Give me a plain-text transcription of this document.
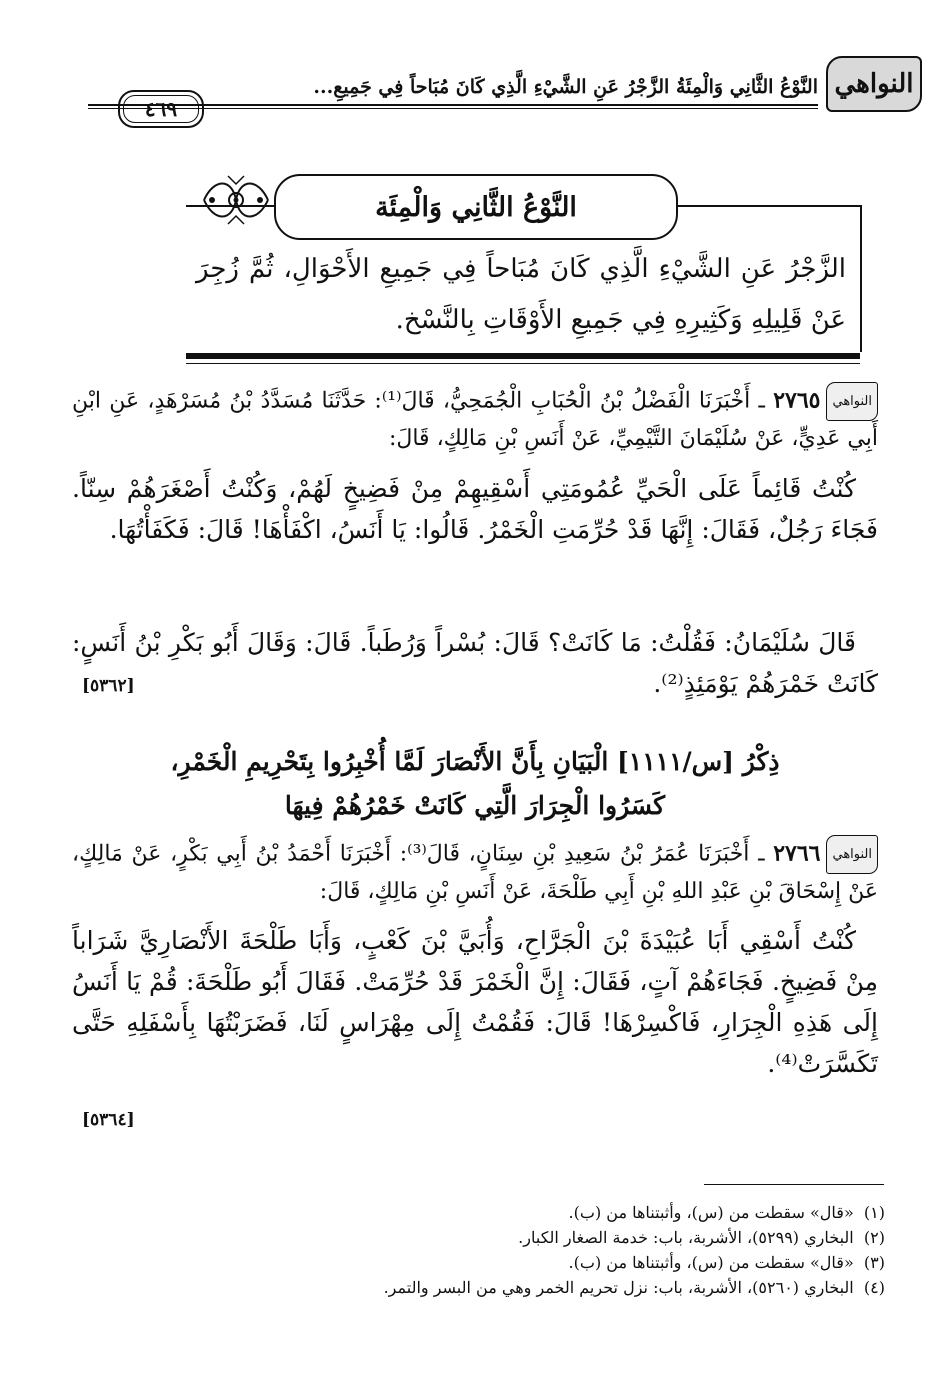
٤٦٩
النَّوْعُ الثَّانِي وَالْمِئَةُ الزَّجْرُ عَنِ الشَّيْءِ الَّذِي كَانَ مُبَاحاً فِي جَمِيعِ... النواهي
النَّوْعُ الثَّانِي وَالْمِئَة
الزَّجْرُ عَنِ الشَّيْءِ الَّذِي كَانَ مُبَاحاً فِي جَمِيعِ الأَحْوَالِ، ثُمَّ زُجِرَ عَنْ قَلِيلِهِ وَكَثِيرِهِ فِي جَمِيعِ الأَوْقَاتِ بِالنَّسْخ.
النواهي٢٧٦٥ ـ أَخْبَرَنَا الْفَضْلُ بْنُ الْحُبَابِ الْجُمَحِيُّ، قَالَ⁽¹⁾: حَدَّثَنَا مُسَدَّدُ بْنُ مُسَرْهَدٍ، عَنِ ابْنِ أَبِي عَدِيٍّ، عَنْ سُلَيْمَانَ التَّيْمِيِّ، عَنْ أَنَسِ بْنِ مَالِكٍ، قَالَ:
كُنْتُ قَائِماً عَلَى الْحَيِّ عُمُومَتِي أَسْقِيهِمْ مِنْ فَضِيخٍ لَهُمْ، وَكُنْتُ أَصْغَرَهُمْ سِنّاً. فَجَاءَ رَجُلٌ، فَقَالَ: إِنَّهَا قَدْ حُرِّمَتِ الْخَمْرُ. قَالُوا: يَا أَنَسُ، اكْفَأْهَا! قَالَ: فَكَفَأْتُهَا.
قَالَ سُلَيْمَانُ: فَقُلْتُ: مَا كَانَتْ؟ قَالَ: بُسْراً وَرُطَباً. قَالَ: وَقَالَ أَبُو بَكْرِ بْنُ أَنَسٍ: كَانَتْ خَمْرَهُمْ يَوْمَئِذٍ⁽²⁾.
[٥٣٦٢]
ذِكْرُ [س/١١١١] الْبَيَانِ بِأَنَّ الأَنْصَارَ لَمَّا أُخْبِرُوا بِتَحْرِيمِ الْخَمْرِ،
كَسَرُوا الْجِرَارَ الَّتِي كَانَتْ خَمْرُهُمْ فِيهَا
النواهي٢٧٦٦ ـ أَخْبَرَنَا عُمَرُ بْنُ سَعِيدِ بْنِ سِنَانٍ، قَالَ⁽³⁾: أَخْبَرَنَا أَحْمَدُ بْنُ أَبِي بَكْرٍ، عَنْ مَالِكٍ، عَنْ إِسْحَاقَ بْنِ عَبْدِ اللهِ بْنِ أَبِي طَلْحَةَ، عَنْ أَنَسِ بْنِ مَالِكٍ، قَالَ:
كُنْتُ أَسْقِي أَبَا عُبَيْدَةَ بْنَ الْجَرَّاحِ، وَأُبَيَّ بْنَ كَعْبٍ، وَأَبَا طَلْحَةَ الأَنْصَارِيَّ شَرَاباً مِنْ فَضِيخٍ. فَجَاءَهُمْ آتٍ، فَقَالَ: إِنَّ الْخَمْرَ قَدْ حُرِّمَتْ. فَقَالَ أَبُو طَلْحَةَ: قُمْ يَا أَنَسُ إِلَى هَذِهِ الْجِرَارِ، فَاكْسِرْهَا! قَالَ: فَقُمْتُ إِلَى مِهْرَاسٍ لَنَا، فَضَرَبْتُهَا بِأَسْفَلِهِ حَتَّى تَكَسَّرَتْ⁽⁴⁾.
[٥٣٦٤]
(١)  «قال» سقطت من (س)، وأثبتناها من (ب).
(٢)  البخاري (٥٢٩٩)، الأشربة، باب: خدمة الصغار الكبار.
(٣)  «قال» سقطت من (س)، وأثبتناها من (ب).
(٤)  البخاري (٥٢٦٠)، الأشربة، باب: نزل تحريم الخمر وهي من البسر والتمر.
